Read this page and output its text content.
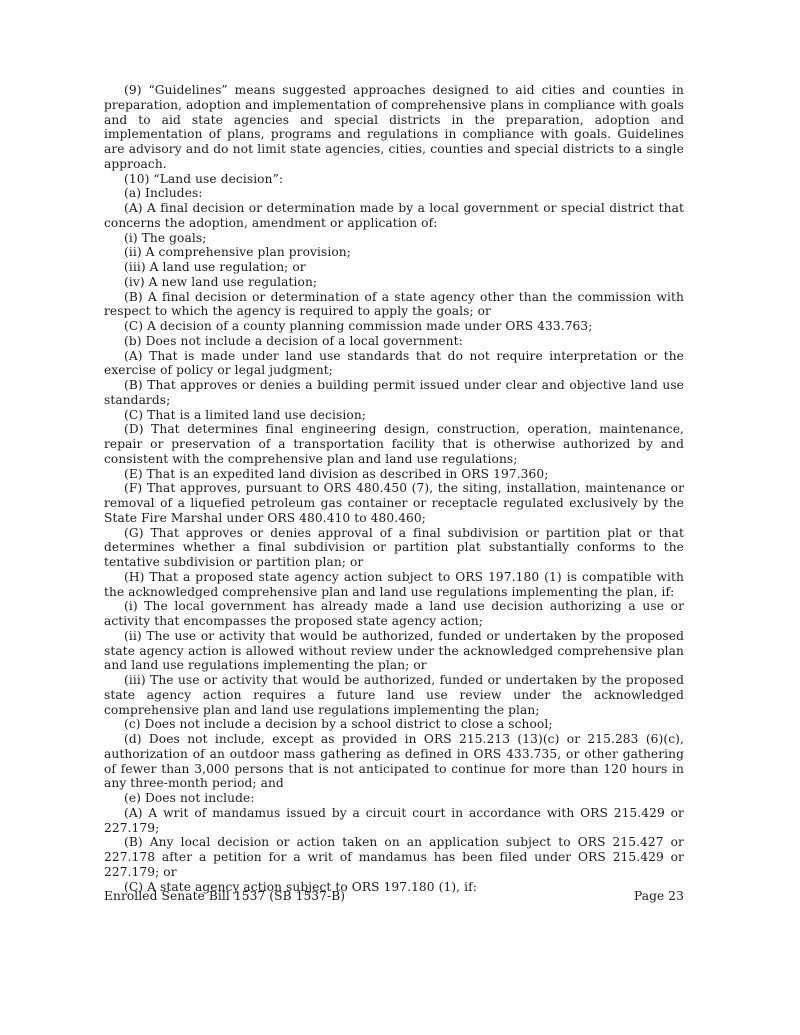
(9) “Guidelines” means suggested approaches designed to aid cities and counties in preparation, adoption and implementation of comprehensive plans in compliance with goals and to aid state agencies and special districts in the preparation, adoption and implementation of plans, programs and regulations in compliance with goals. Guidelines are advisory and do not limit state agencies, cities, counties and special districts to a single approach.

(10) “Land use decision”:

(a) Includes:

(A) A final decision or determination made by a local government or special district that concerns the adoption, amendment or application of:

(i) The goals;

(ii) A comprehensive plan provision;

(iii) A land use regulation; or

(iv) A new land use regulation;

(B) A final decision or determination of a state agency other than the commission with respect to which the agency is required to apply the goals; or

(C) A decision of a county planning commission made under ORS 433.763;

(b) Does not include a decision of a local government:

(A) That is made under land use standards that do not require interpretation or the exercise of policy or legal judgment;

(B) That approves or denies a building permit issued under clear and objective land use standards;

(C) That is a limited land use decision;

(D) That determines final engineering design, construction, operation, maintenance, repair or preservation of a transportation facility that is otherwise authorized by and consistent with the comprehensive plan and land use regulations;

(E) That is an expedited land division as described in ORS 197.360;

(F) That approves, pursuant to ORS 480.450 (7), the siting, installation, maintenance or removal of a liquefied petroleum gas container or receptacle regulated exclusively by the State Fire Marshal under ORS 480.410 to 480.460;

(G) That approves or denies approval of a final subdivision or partition plat or that determines whether a final subdivision or partition plat substantially conforms to the tentative subdivision or partition plan; or

(H) That a proposed state agency action subject to ORS 197.180 (1) is compatible with the acknowledged comprehensive plan and land use regulations implementing the plan, if:

(i) The local government has already made a land use decision authorizing a use or activity that encompasses the proposed state agency action;

(ii) The use or activity that would be authorized, funded or undertaken by the proposed state agency action is allowed without review under the acknowledged comprehensive plan and land use regulations implementing the plan; or

(iii) The use or activity that would be authorized, funded or undertaken by the proposed state agency action requires a future land use review under the acknowledged comprehensive plan and land use regulations implementing the plan;

(c) Does not include a decision by a school district to close a school;

(d) Does not include, except as provided in ORS 215.213 (13)(c) or 215.283 (6)(c), authorization of an outdoor mass gathering as defined in ORS 433.735, or other gathering of fewer than 3,000 persons that is not anticipated to continue for more than 120 hours in any three-month period; and

(e) Does not include:

(A) A writ of mandamus issued by a circuit court in accordance with ORS 215.429 or 227.179;

(B) Any local decision or action taken on an application subject to ORS 215.427 or 227.178 after a petition for a writ of mandamus has been filed under ORS 215.429 or 227.179; or

(C) A state agency action subject to ORS 197.180 (1), if:

Enrolled Senate Bill 1537 (SB 1537-B)	Page 23
